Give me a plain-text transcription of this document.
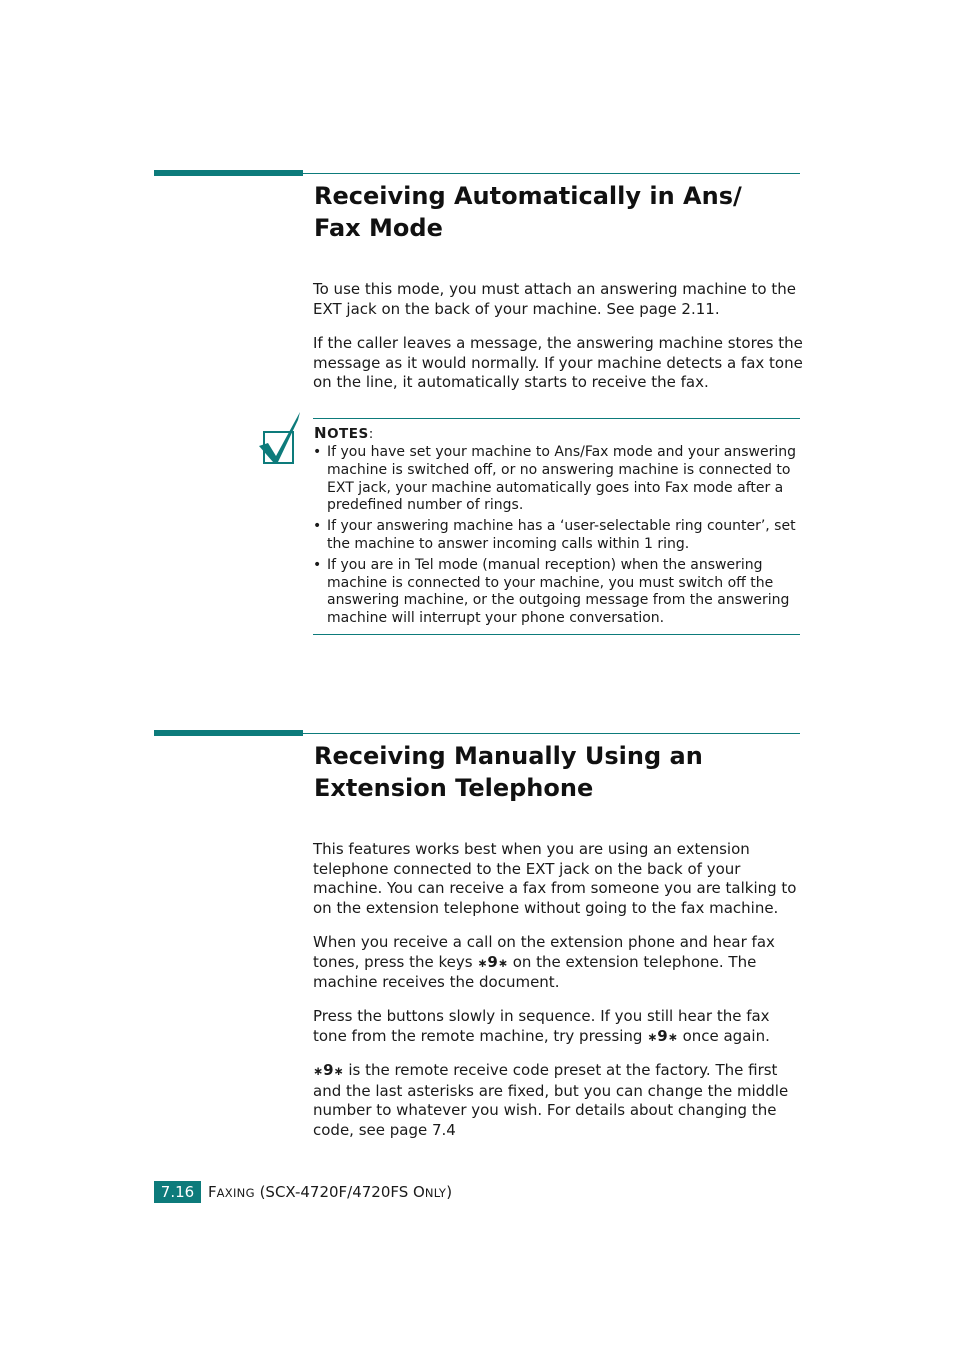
Receiving Automatically in Ans/
Fax Mode

To use this mode, you must attach an answering machine to the EXT jack on the back of your machine. See page 2.11.

If the caller leaves a message, the answering machine stores the message as it would normally. If your machine detects a fax tone on the line, it automatically starts to receive the fax.

NOTES:
• If you have set your machine to Ans/Fax mode and your answering machine is switched off, or no answering machine is connected to EXT jack, your machine automatically goes into Fax mode after a predefined number of rings.
• If your answering machine has a ‘user-selectable ring counter’, set the machine to answer incoming calls within 1 ring.
• If you are in Tel mode (manual reception) when the answering machine is connected to your machine, you must switch off the answering machine, or the outgoing message from the answering machine will interrupt your phone conversation.
Receiving Manually Using an
Extension Telephone

This features works best when you are using an extension telephone connected to the EXT jack on the back of your machine. You can receive a fax from someone you are talking to on the extension telephone without going to the fax machine.

When you receive a call on the extension phone and hear fax tones, press the keys ∗9∗ on the extension telephone. The machine receives the document.

Press the buttons slowly in sequence. If you still hear the fax tone from the remote machine, try pressing ∗9∗ once again.

∗9∗ is the remote receive code preset at the factory. The first and the last asterisks are fixed, but you can change the middle number to whatever you wish. For details about changing the code, see page 7.4

7.16 FAXING (SCX-4720F/4720FS ONLY)
